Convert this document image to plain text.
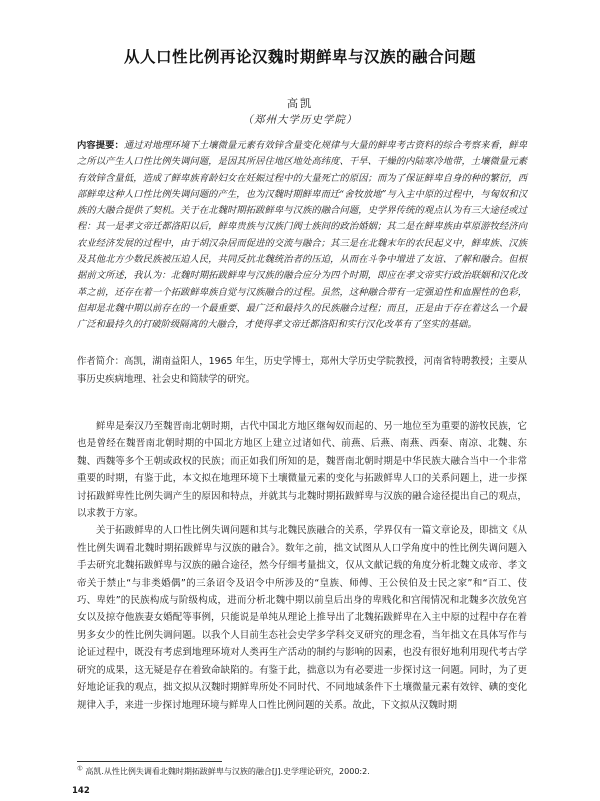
从人口性比例再论汉魏时期鲜卑与汉族的融合问题
高凯
（郑州大学历史学院）

内容提要：通过对地理环境下土壤微量元素有效锌含量变化规律与大量的鲜卑考古资料的综合考察来看，鲜卑之所以产生人口性比例失调问题，是因其所居住地区地处高纬度、干旱、干燥的内陆寒冷地带，土壤微量元素有效锌含量低，造成了鲜卑族育龄妇女在妊娠过程中的大量死亡的原因；而为了保证鲜卑自身的种的繁衍，西部鲜卑这种人口性比例失调问题的产生，也为汉魏时期鲜卑而迁“舍牧放地”与入主中原的过程中，与匈奴和汉族的大融合提供了契机。关于在北魏时期拓跋鲜卑与汉族的融合问题，史学界传统的观点认为有三大途径或过程：其一是孝文帝迁都洛阳以后，鲜卑贵族与汉族门阀士族间的政治婚姻；其二是在鲜卑族由草原游牧经济向农业经济发展的过程中，由于胡汉杂居而促进的交流与融合；其三是在北魏末年的农民起义中，鲜卑族、汉族及其他北方少数民族被压迫人民，共同反抗北魏统治者的压迫，从而在斗争中增进了友谊、了解和融合。但根据前文所述，我认为：北魏时期拓跋鲜卑与汉族的融合应分为四个时期，即应在孝文帝实行政治联姻和汉化改革之前，还存在着一个拓跋鲜卑族自觉与汉族融合的过程。虽然，这种融合带有一定强迫性和血腥性的色彩，但却是北魏中期以前存在的一个最重要、最广泛和最持久的民族融合过程；而且，正是由于存在着这么一个最广泛和最持久的打破阶级隔离的大融合，才使得孝文帝迁都洛阳和实行汉化改革有了坚实的基础。

作者简介：高凯，湖南益阳人，1965 年生，历史学博士，郑州大学历史学院教授，河南省特聘教授；主要从事历史疾病地理、社会史和简牍学的研究。

鲜卑是秦汉乃至魏晋南北朝时期，古代中国北方地区继匈奴而起的、另一地位至为重要的游牧民族，它也是曾经在魏晋南北朝时期的中国北方地区上建立过诸如代、前燕、后燕、南燕、西秦、南凉、北魏、东魏、西魏等多个王朝或政权的民族；而正如我们所知的是，魏晋南北朝时期是中华民族大融合当中一个非常重要的时期，有鉴于此，本文拟在地理环境下土壤微量元素的变化与拓跋鲜卑人口的关系问题上，进一步探讨拓跋鲜卑性比例失调产生的原因和特点，并就其与北魏时期拓跋鲜卑与汉族的融合途径提出自己的观点，以求教于方家。

关于拓跋鲜卑的人口性比例失调问题和其与北魏民族融合的关系，学界仅有一篇文章论及，即拙文《从性比例失调看北魏时期拓跋鲜卑与汉族的融合》。数年之前，拙文试图从人口学角度中的性比例失调问题入手去研究北魏拓跋鲜卑与汉族的融合途径，然今仔细考量拙文，仅从文献记载的角度分析北魏文成帝、孝文帝关于禁止“与非类婚偶”的三条诏令及诏令中所涉及的“皇族、师傅、王公侯伯及士民之家”和“百工、伎巧、卑姓”的民族构成与阶级构成，进而分析北魏中期以前皇后出身的卑贱化和宫闱情况和北魏多次放免宫女以及掠夺他族妻女婚配等事例，只能说是单纯从理论上推导出了北魏拓跋鲜卑在入主中原的过程中存在着男多女少的性比例失调问题。以我个人目前生态社会史学多学科交叉研究的理念看，当年拙文在具体写作与论证过程中，既没有考虑到地理环境对人类再生产活动的制约与影响的因素，也没有很好地利用现代考古学研究的成果，这无疑是存在着致命缺陷的。有鉴于此，拙意以为有必要进一步探讨这一问题。同时，为了更好地论证我的观点，拙文拟从汉魏时期鲜卑所处不同时代、不同地域条件下土壤微量元素有效锌、碘的变化规律入手，来进一步探讨地理环境与鲜卑人口性比例问题的关系。故此，下文拟从汉魏时期

① 高凯.从性比例失调看北魏时期拓跋鲜卑与汉族的融合[J].史学理论研究，2000:2.

142
